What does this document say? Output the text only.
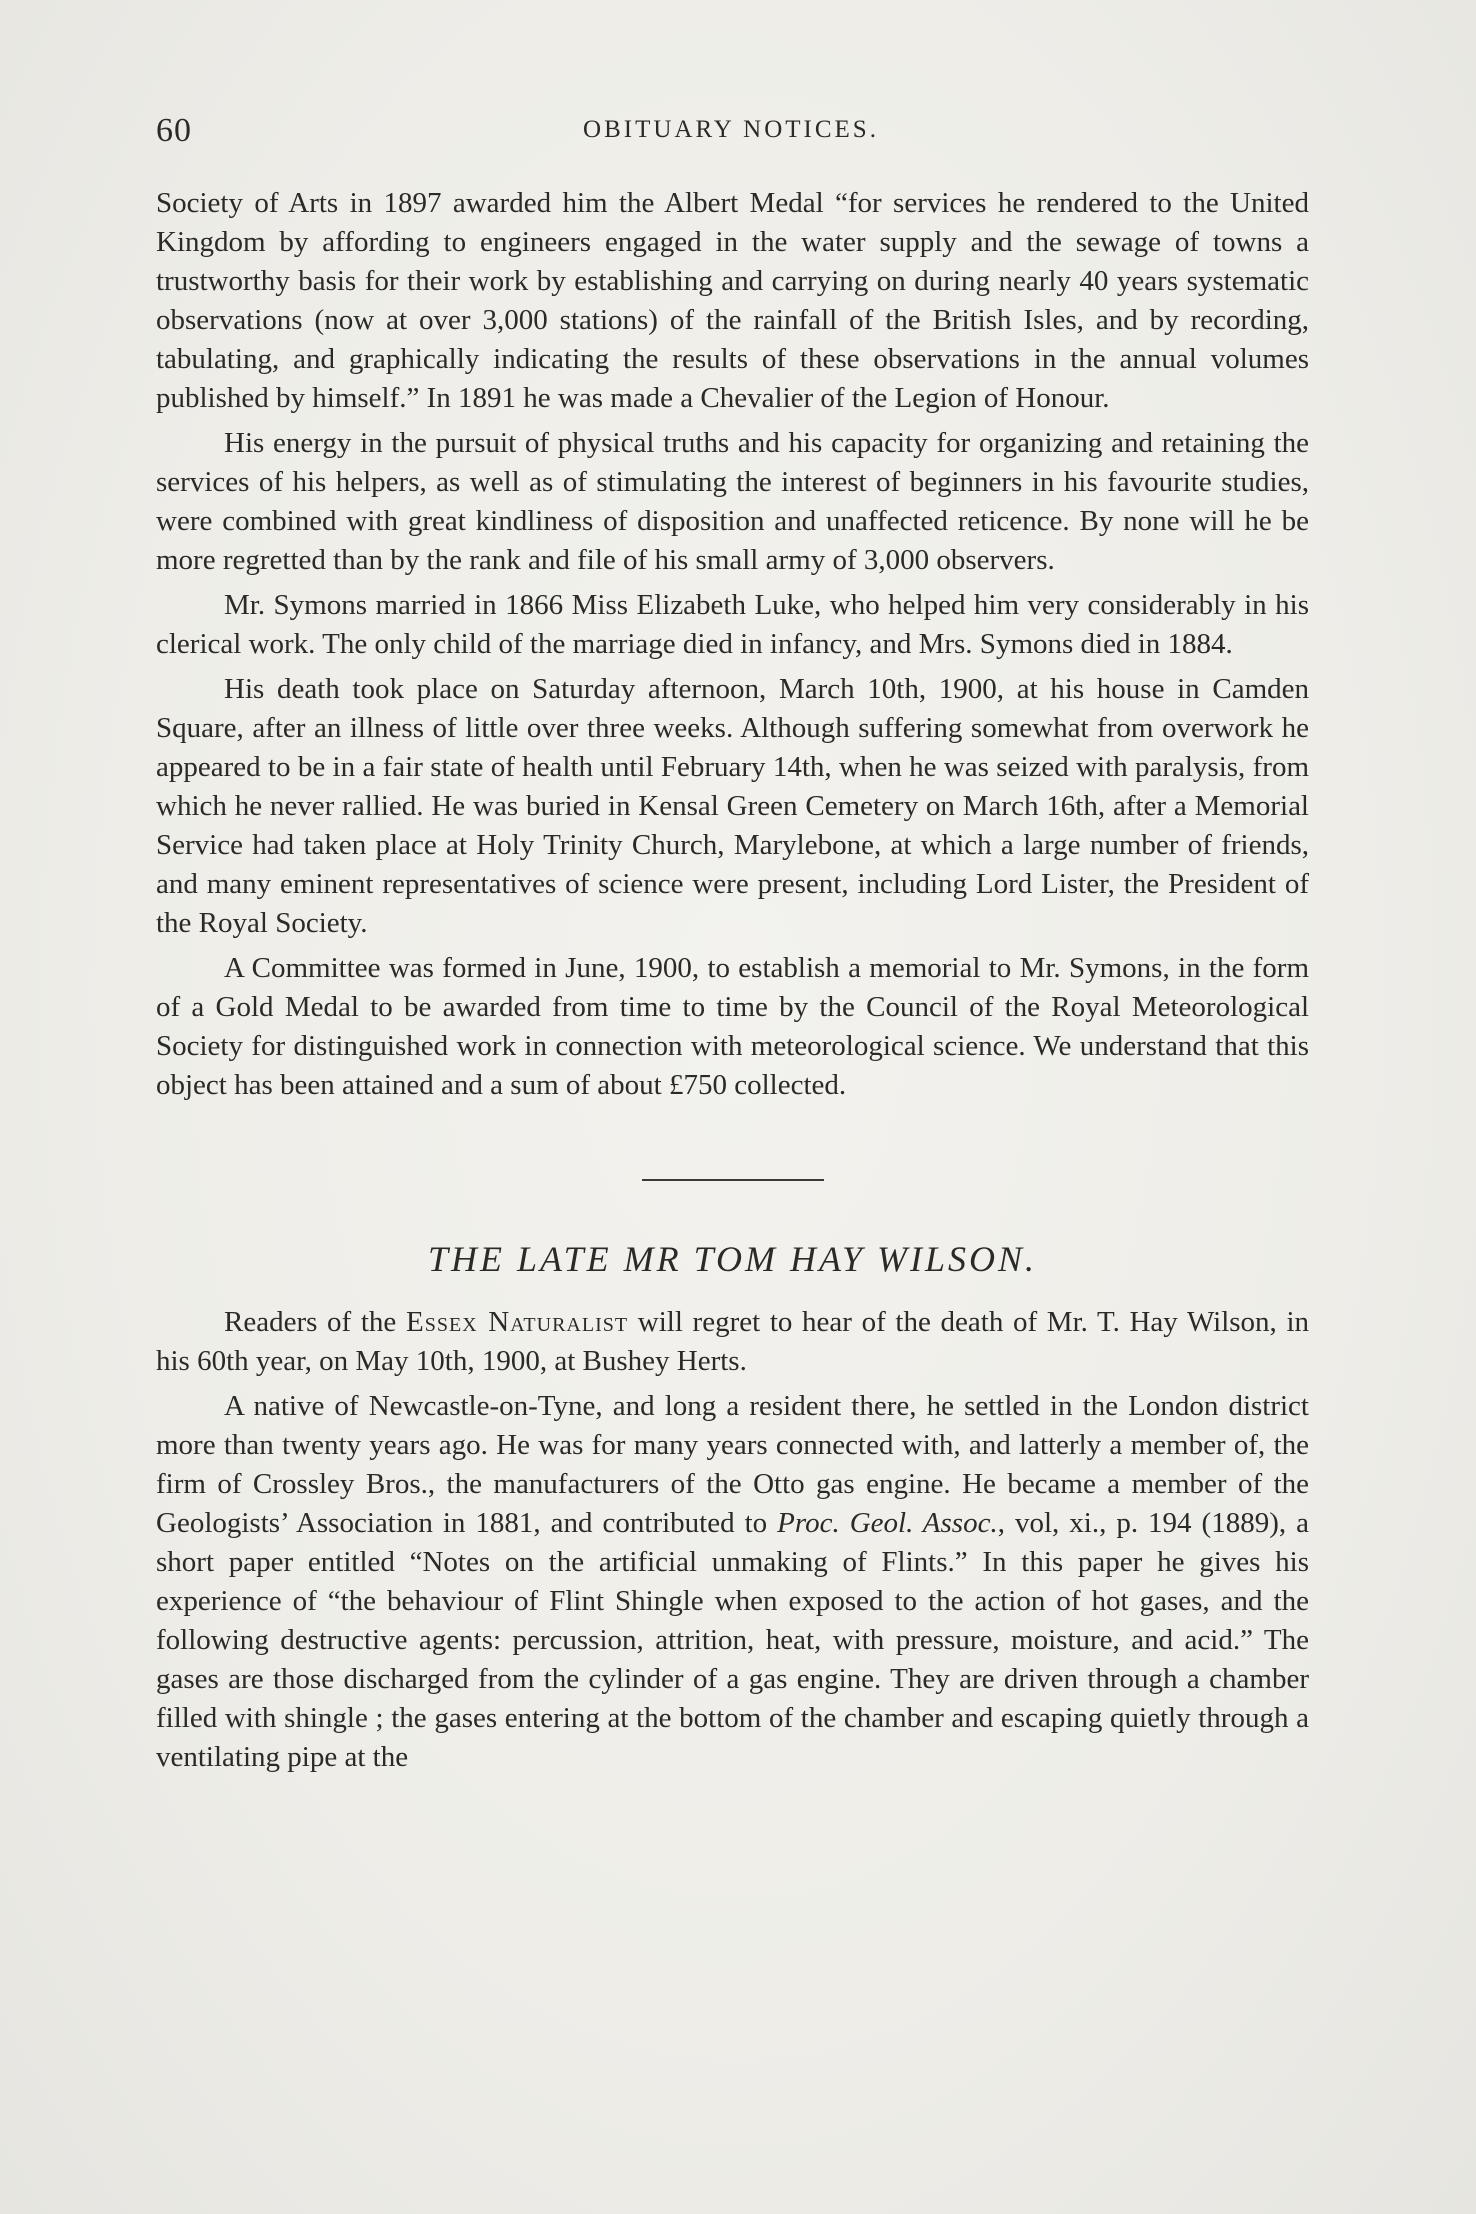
60	OBITUARY NOTICES.

Society of Arts in 1897 awarded him the Albert Medal “for services he rendered to the United Kingdom by affording to engineers engaged in the water supply and the sewage of towns a trustworthy basis for their work by establishing and carrying on during nearly 40 years systematic observations (now at over 3,000 stations) of the rainfall of the British Isles, and by recording, tabulating, and graphically indicating the results of these observations in the annual volumes published by himself.” In 1891 he was made a Chevalier of the Legion of Honour.

His energy in the pursuit of physical truths and his capacity for organizing and retaining the services of his helpers, as well as of stimulating the interest of beginners in his favourite studies, were combined with great kindliness of disposition and unaffected reticence. By none will he be more regretted than by the rank and file of his small army of 3,000 observers.

Mr. Symons married in 1866 Miss Elizabeth Luke, who helped him very considerably in his clerical work. The only child of the marriage died in infancy, and Mrs. Symons died in 1884.

His death took place on Saturday afternoon, March 10th, 1900, at his house in Camden Square, after an illness of little over three weeks. Although suffering somewhat from overwork he appeared to be in a fair state of health until February 14th, when he was seized with paralysis, from which he never rallied. He was buried in Kensal Green Cemetery on March 16th, after a Memorial Service had taken place at Holy Trinity Church, Marylebone, at which a large number of friends, and many eminent representatives of science were present, including Lord Lister, the President of the Royal Society.

A Committee was formed in June, 1900, to establish a memorial to Mr. Symons, in the form of a Gold Medal to be awarded from time to time by the Council of the Royal Meteorological Society for distinguished work in connection with meteorological science. We understand that this object has been attained and a sum of about £750 collected.

THE LATE MR TOM HAY WILSON.

Readers of the Essex Naturalist will regret to hear of the death of Mr. T. Hay Wilson, in his 60th year, on May 10th, 1900, at Bushey Herts.

A native of Newcastle-on-Tyne, and long a resident there, he settled in the London district more than twenty years ago. He was for many years connected with, and latterly a member of, the firm of Crossley Bros., the manufacturers of the Otto gas engine. He became a member of the Geologists’ Association in 1881, and contributed to Proc. Geol. Assoc., vol, xi., p. 194 (1889), a short paper entitled “Notes on the artificial unmaking of Flints.” In this paper he gives his experience of “the behaviour of Flint Shingle when exposed to the action of hot gases, and the following destructive agents: percussion, attrition, heat, with pressure, moisture, and acid.” The gases are those discharged from the cylinder of a gas engine. They are driven through a chamber filled with shingle ; the gases entering at the bottom of the chamber and escaping quietly through a ventilating pipe at the
